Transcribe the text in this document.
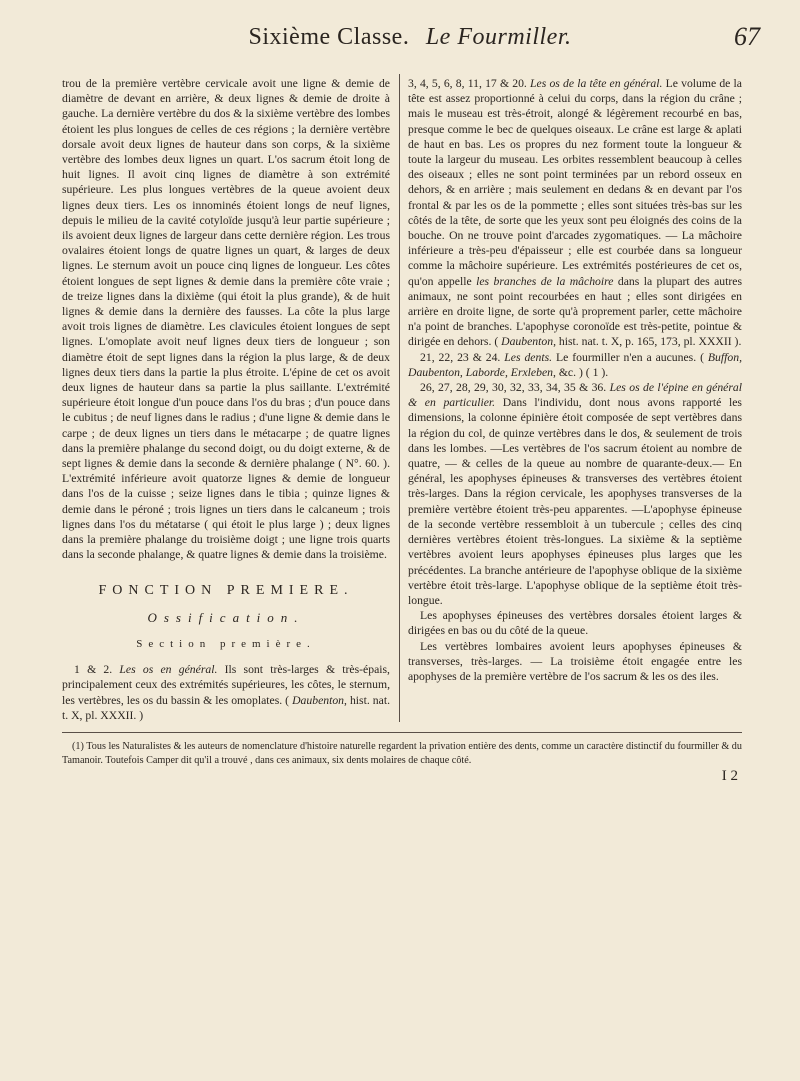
Sixième Classe. Le Fourmiller.	67

trou de la première vertèbre cervicale avoit une ligne & demie de diamètre de devant en arrière, & deux lignes & demie de droite à gauche. La dernière vertèbre du dos & la sixième vertèbre des lombes étoient les plus longues de celles de ces régions ; la dernière vertèbre dorsale avoit deux lignes de hauteur dans son corps, & la sixième vertèbre des lombes deux lignes un quart. L'os sacrum étoit long de huit lignes. Il avoit cinq lignes de diamètre à son extrémité supérieure. Les plus longues vertèbres de la queue avoient deux lignes deux tiers. Les os innominés étoient longs de neuf lignes, depuis le milieu de la cavité cotyloïde jusqu'à leur partie supérieure ; ils avoient deux lignes de largeur dans cette dernière région. Les trous ovalaires étoient longs de quatre lignes un quart, & larges de deux lignes. Le sternum avoit un pouce cinq lignes de longueur. Les côtes étoient longues de sept lignes & demie dans la première côte vraie ; de treize lignes dans la dixième (qui étoit la plus grande), & de huit lignes & demie dans la dernière des fausses. La côte la plus large avoit trois lignes de diamètre. Les clavicules étoient longues de sept lignes. L'omoplate avoit neuf lignes deux tiers de longueur ; son diamètre étoit de sept lignes dans la région la plus large, & de deux lignes deux tiers dans la partie la plus étroite. L'épine de cet os avoit deux lignes de hauteur dans sa partie la plus saillante. L'extrémité supérieure étoit longue d'un pouce dans l'os du bras ; d'un pouce dans le cubitus ; de neuf lignes dans le radius ; d'une ligne & demie dans le carpe ; de deux lignes un tiers dans le métacarpe ; de quatre lignes dans la première phalange du second doigt, ou du doigt externe, & de sept lignes & demie dans la seconde & dernière phalange ( N°. 60. ). L'extrémité inférieure avoit quatorze lignes & demie de longueur dans l'os de la cuisse ; seize lignes dans le tibia ; quinze lignes & demie dans le péroné ; trois lignes un tiers dans le calcaneum ; trois lignes dans l'os du métatarse ( qui étoit le plus large ) ; deux lignes dans la première phalange du troisième doigt ; une ligne trois quarts dans la seconde phalange, & quatre lignes & demie dans la troisième.

FONCTION PREMIERE.
Ossification.
Section première.

1 & 2. Les os en général. Ils sont très-larges & très-épais, principalement ceux des extrémités supérieures, les côtes, le sternum, les vertèbres, les os du bassin & les omoplates. ( Daubenton, hist. nat. t. X, pl. XXXII. )

3, 4, 5, 6, 8, 11, 17 & 20. Les os de la tête en général. Le volume de la tête est assez proportionné à celui du corps, dans la région du crâne ; mais le museau est très-étroit, alongé & légèrement recourbé en bas, presque comme le bec de quelques oiseaux. Le crâne est large & aplati de haut en bas. Les os propres du nez forment toute la longueur & toute la largeur du museau. Les orbites ressemblent beaucoup à celles des oiseaux ; elles ne sont point terminées par un rebord osseux en dehors, & en arrière ; mais seulement en dedans & en devant par l'os frontal & par les os de la pommette ; elles sont situées très-bas sur les côtés de la tête, de sorte que les yeux sont peu éloignés des coins de la bouche. On ne trouve point d'arcades zygomatiques. — La mâchoire inférieure a très-peu d'épaisseur ; elle est courbée dans sa longueur comme la mâchoire supérieure. Les extrémités postérieures de cet os, qu'on appelle les branches de la mâchoire dans la plupart des autres animaux, ne sont point recourbées en haut ; elles sont dirigées en arrière en droite ligne, de sorte qu'à proprement parler, cette mâchoire n'a point de branches. L'apophyse coronoïde est très-petite, pointue & dirigée en dehors. ( Daubenton, hist. nat. t. X, p. 165, 173, pl. XXXII ).

21, 22, 23 & 24. Les dents. Le fourmiller n'en a aucunes. ( Buffon, Daubenton, Laborde, Erxleben, &c. ) ( 1 ).

26, 27, 28, 29, 30, 32, 33, 34, 35 & 36. Les os de l'épine en général & en particulier. Dans l'individu, dont nous avons rapporté les dimensions, la colonne épinière étoit composée de sept vertèbres dans la région du col, de quinze vertèbres dans le dos, & seulement de trois dans les lombes. —Les vertèbres de l'os sacrum étoient au nombre de quatre, — & celles de la queue au nombre de quarante-deux.— En général, les apophyses épineuses & transverses des vertèbres étoient très-larges. Dans la région cervicale, les apophyses transverses de la première vertèbre étoient très-peu apparentes. —L'apophyse épineuse de la seconde vertèbre ressembloit à un tubercule ; celles des cinq dernières vertèbres étoient très-longues. La sixième & la septième vertèbres avoient leurs apophyses épineuses plus larges que les précédentes. La branche antérieure de l'apophyse oblique de la sixième vertèbre étoit très-large. L'apophyse oblique de la septième étoit très-longue.

Les apophyses épineuses des vertèbres dorsales étoient larges & dirigées en bas ou du côté de la queue.

Les vertèbres lombaires avoient leurs apophyses épineuses & transverses, très-larges. — La troisième étoit engagée entre les apophyses de la première vertèbre de l'os sacrum & les os des iles.

(1) Tous les Naturalistes & les auteurs de nomenclature d'histoire naturelle regardent la privation entière des dents, comme un caractère distinctif du fourmiller & du Tamanoir. Toutefois Camper dit qu'il a trouvé , dans ces animaux, six dents molaires de chaque côté.
I 2
